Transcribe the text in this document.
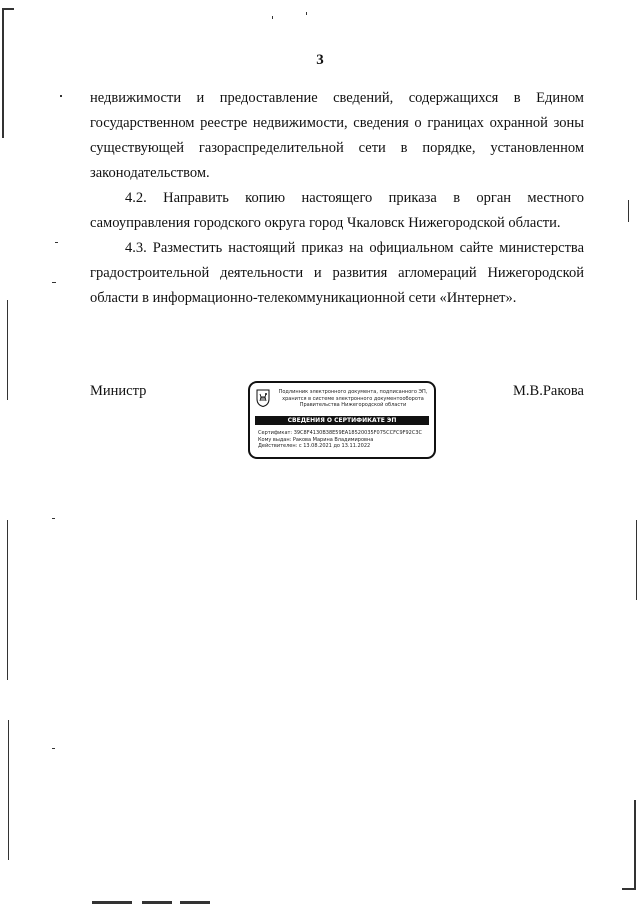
3

недвижимости и предоставление сведений, содержащихся в Едином

государственном реестре недвижимости, сведения о границах охранной зоны

существующей газораспределительной сети в порядке, установленном

законодательством.

4.2. Направить копию настоящего приказа в орган местного

самоуправления городского округа город Чкаловск Нижегородской области.

4.3. Разместить настоящий приказ на официальном сайте министерства

градостроительной деятельности и развития агломераций Нижегородской

области в информационно-телекоммуникационной сети «Интернет».

Министр	М.В.Ракова
Подлинник электронного документа, подписанного ЭП,
хранится в системе электронного документооборота
Правительства Нижегородской области
СВЕДЕНИЯ О СЕРТИФИКАТЕ ЭП
Сертификат: 39C8F4130B38E59EA18520035F075CCFC9F92C3C
Кому выдан: Ракова Марина Владимировна
Действителен: с 13.08.2021 до 13.11.2022
